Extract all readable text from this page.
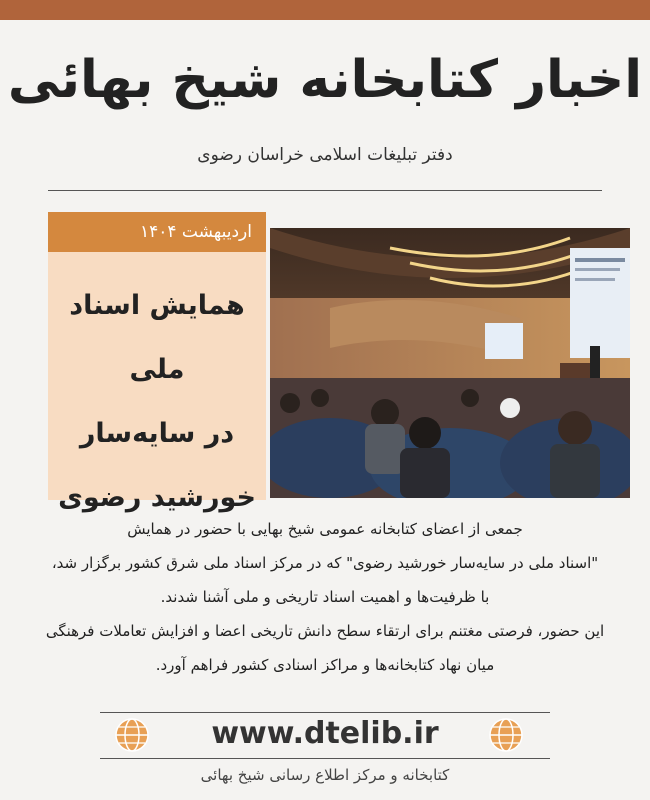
اخبار کتابخانه شیخ بهائی
دفتر تبلیغات اسلامی خراسان رضوی
اردیبهشت ۱۴۰۴
همایش اسناد ملی
در سایه‌سار
خورشید رضوی

جمعی از اعضای کتابخانه عمومی شیخ بهایی با حضور در همایش

"اسناد ملی در سایه‌سار خورشید رضوی" که در مرکز اسناد ملی شرق کشور برگزار شد،

با ظرفیت‌ها و اهمیت اسناد تاریخی و ملی آشنا شدند.

این حضور، فرصتی مغتنم برای ارتقاء سطح دانش تاریخی اعضا و افزایش تعاملات فرهنگی

میان نهاد کتابخانه‌ها و مراکز اسنادی کشور فراهم آورد.

www.dtelib.ir
کتابخانه و مرکز اطلاع رسانی شیخ بهائی
